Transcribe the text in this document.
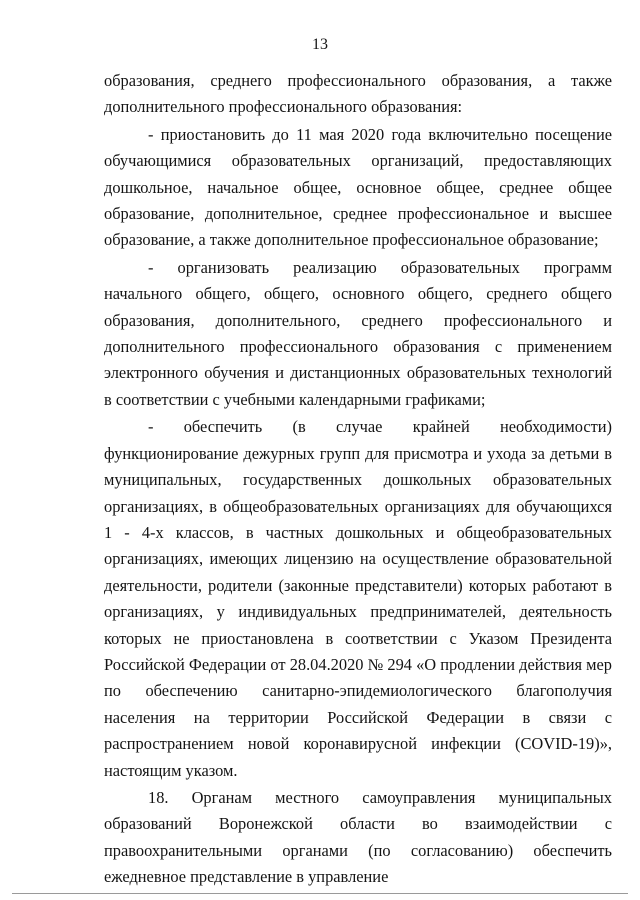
13

образования, среднего профессионального образования, а также дополнительного профессионального образования:

- приостановить до 11 мая 2020 года включительно посещение обучающимися образовательных организаций, предоставляющих дошкольное, начальное общее, основное общее, среднее общее образование, дополнительное, среднее профессиональное и высшее образование, а также дополнительное профессиональное образование;

- организовать реализацию образовательных программ начального общего, общего, основного общего, среднего общего образования, дополнительного, среднего профессионального и дополнительного профессионального образования с применением электронного обучения и дистанционных образовательных технологий в соответствии с учебными календарными графиками;

- обеспечить (в случае крайней необходимости) функционирование дежурных групп для присмотра и ухода за детьми в муниципальных, государственных дошкольных образовательных организациях, в общеобразовательных организациях для обучающихся 1 - 4-х классов, в частных дошкольных и общеобразовательных организациях, имеющих лицензию на осуществление образовательной деятельности, родители (законные представители) которых работают в организациях, у индивидуальных предпринимателей, деятельность которых не приостановлена в соответствии с Указом Президента Российской Федерации от 28.04.2020 № 294 «О продлении действия мер по обеспечению санитарно-эпидемиологического благополучия населения на территории Российской Федерации в связи с распространением новой коронавирусной инфекции (COVID-19)», настоящим указом.

18. Органам местного самоуправления муниципальных образований Воронежской области во взаимодействии с правоохранительными органами (по согласованию) обеспечить ежедневное представление в управление
